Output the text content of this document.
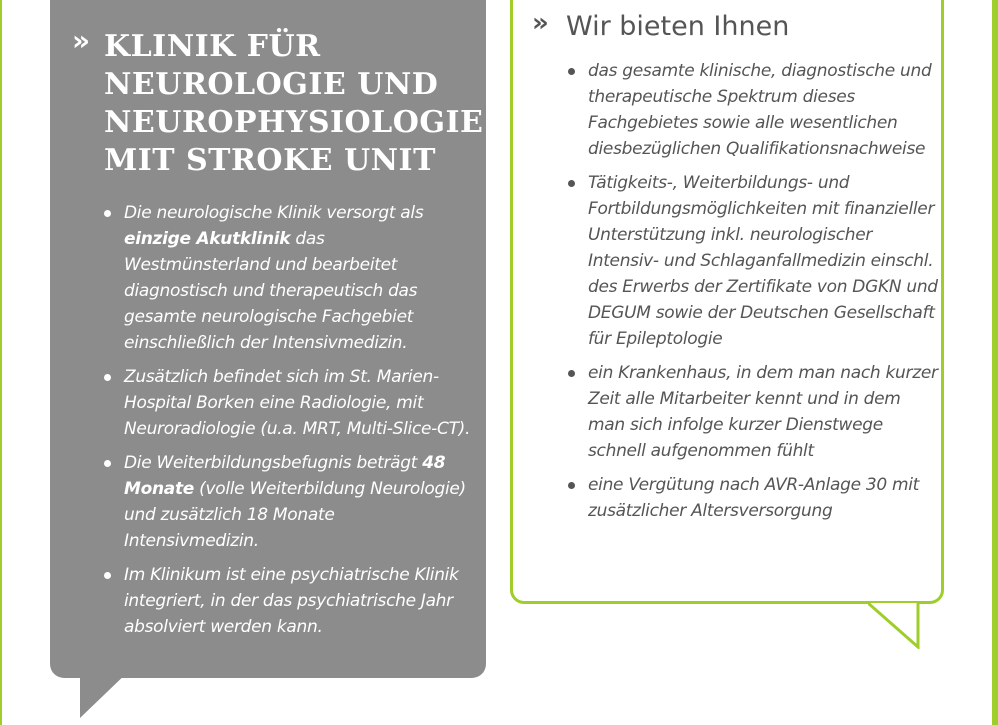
» KLINIK FÜR NEUROLOGIE UND NEUROPHYSIOLOGIE MIT STROKE UNIT
Die neurologische Klinik versorgt als einzige Akutklinik das Westmünsterland und bearbeitet diagnostisch und therapeutisch das gesamte neurologische Fachgebiet einschließlich der Intensivmedizin.
Zusätzlich befindet sich im St. Marien-Hospital Borken eine Radiologie, mit Neuroradiologie (u.a. MRT, Multi-Slice-CT).
Die Weiterbildungsbefugnis beträgt 48 Monate (volle Weiterbildung Neurologie) und zusätzlich 18 Monate Intensivmedizin.
Im Klinikum ist eine psychiatrische Klinik integriert, in der das psychiatrische Jahr absolviert werden kann.
» Wir bieten Ihnen
das gesamte klinische, diagnostische und therapeutische Spektrum dieses Fachgebietes sowie alle wesentlichen diesbezüglichen Qualifikationsnachweise
Tätigkeits-, Weiterbildungs- und Fortbildungsmöglichkeiten mit finanzieller Unterstützung inkl. neurologischer Intensiv- und Schlaganfallmedizin einschl. des Erwerbs der Zertifikate von DGKN und DEGUM sowie der Deutschen Gesellschaft für Epileptologie
ein Krankenhaus, in dem man nach kurzer Zeit alle Mitarbeiter kennt und in dem man sich infolge kurzer Dienstwege schnell aufgenommen fühlt
eine Vergütung nach AVR-Anlage 30 mit zusätzlicher Altersversorgung
